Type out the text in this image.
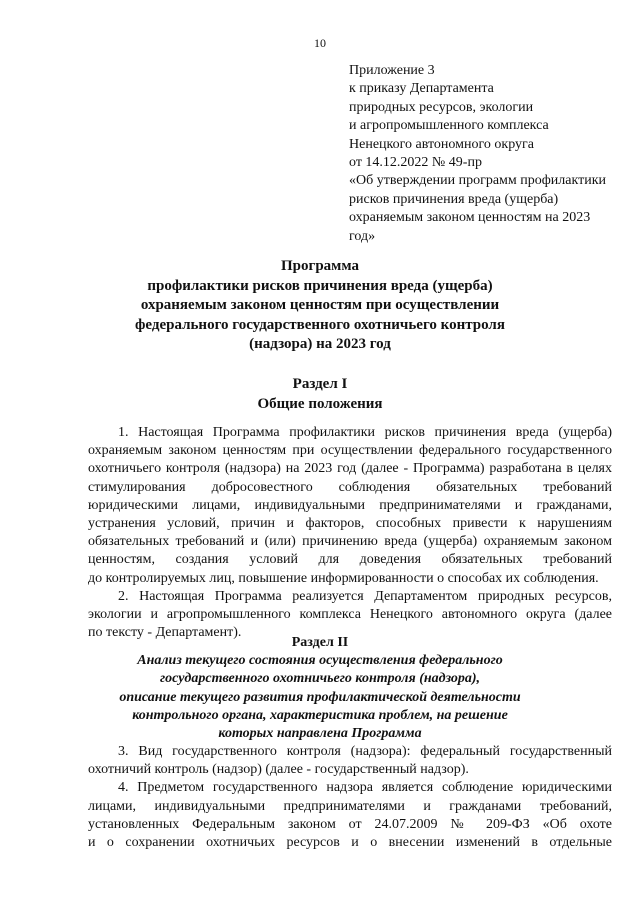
10
Приложение 3
к приказу Департамента
природных ресурсов, экологии
и агропромышленного комплекса
Ненецкого автономного округа
от 14.12.2022 № 49-пр
«Об утверждении программ профилактики
рисков причинения вреда (ущерба)
охраняемым законом ценностям на 2023
год»
Программа
профилактики рисков причинения вреда (ущерба)
охраняемым законом ценностям при осуществлении
федерального государственного охотничьего контроля
(надзора) на 2023 год
Раздел I
Общие положения
1. Настоящая Программа профилактики рисков причинения вреда (ущерба)
охраняемым законом ценностям при осуществлении федерального государственного
охотничьего контроля (надзора) на 2023 год (далее - Программа) разработана в целях
стимулирования добросовестного соблюдения обязательных требований
юридическими лицами, индивидуальными предпринимателями и гражданами,
устранения условий, причин и факторов, способных привести к нарушениям
обязательных требований и (или) причинению вреда (ущерба) охраняемым законом
ценностям, создания условий для доведения обязательных требований
до контролируемых лиц, повышение информированности о способах их соблюдения.
2. Настоящая Программа реализуется Департаментом природных ресурсов,
экологии и агропромышленного комплекса Ненецкого автономного округа (далее
по тексту - Департамент).
Раздел II
Анализ текущего состояния осуществления федерального
государственного охотничьего контроля (надзора),
описание текущего развития профилактической деятельности
контрольного органа, характеристика проблем, на решение
которых направлена Программа
3. Вид государственного контроля (надзора): федеральный государственный
охотничий контроль (надзор) (далее - государственный надзор).
4. Предметом государственного надзора является соблюдение юридическими
лицами, индивидуальными предпринимателями и гражданами требований,
установленных Федеральным законом от 24.07.2009 № 209-ФЗ «Об охоте
и о сохранении охотничьих ресурсов и о внесении изменений в отдельные
